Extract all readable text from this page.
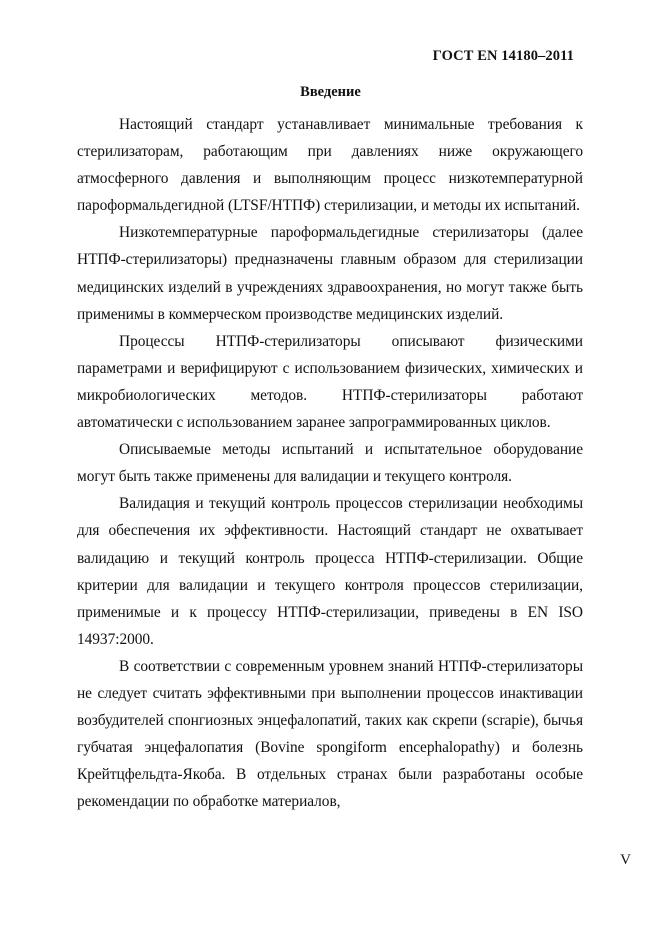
ГОСТ EN 14180–2011
Введение

Настоящий стандарт устанавливает минимальные требования к стерилизаторам, работающим при давлениях ниже окружающего атмосферного давления и выполняющим процесс низкотемпературной пароформальдегидной (LTSF/НТПФ) стерилизации, и методы их испытаний.

Низкотемпературные пароформальдегидные стерилизаторы (далее НТПФ-стерилизаторы) предназначены главным образом для стерилизации медицинских изделий в учреждениях здравоохранения, но могут также быть применимы в коммерческом производстве медицинских изделий.

Процессы НТПФ-стерилизаторы описывают физическими параметрами и верифицируют с использованием физических, химических и микробиологических методов. НТПФ-стерилизаторы работают автоматически с использованием заранее запрограммированных циклов.

Описываемые методы испытаний и испытательное оборудование могут быть также применены для валидации и текущего контроля.

Валидация и текущий контроль процессов стерилизации необходимы для обеспечения их эффективности. Настоящий стандарт не охватывает валидацию и текущий контроль процесса НТПФ-стерилизации. Общие критерии для валидации и текущего контроля процессов стерилизации, применимые и к процессу НТПФ-стерилизации, приведены в EN ISO 14937:2000.

В соответствии с современным уровнем знаний НТПФ-стерилизаторы не следует считать эффективными при выполнении процессов инактивации возбудителей спонгиозных энцефалопатий, таких как скрепи (scrapie), бычья губчатая энцефалопатия (Bovine spongiform encephalopathy) и болезнь Крейтцфельдта-Якоба. В отдельных странах были разработаны особые рекомендации по обработке материалов,

V
